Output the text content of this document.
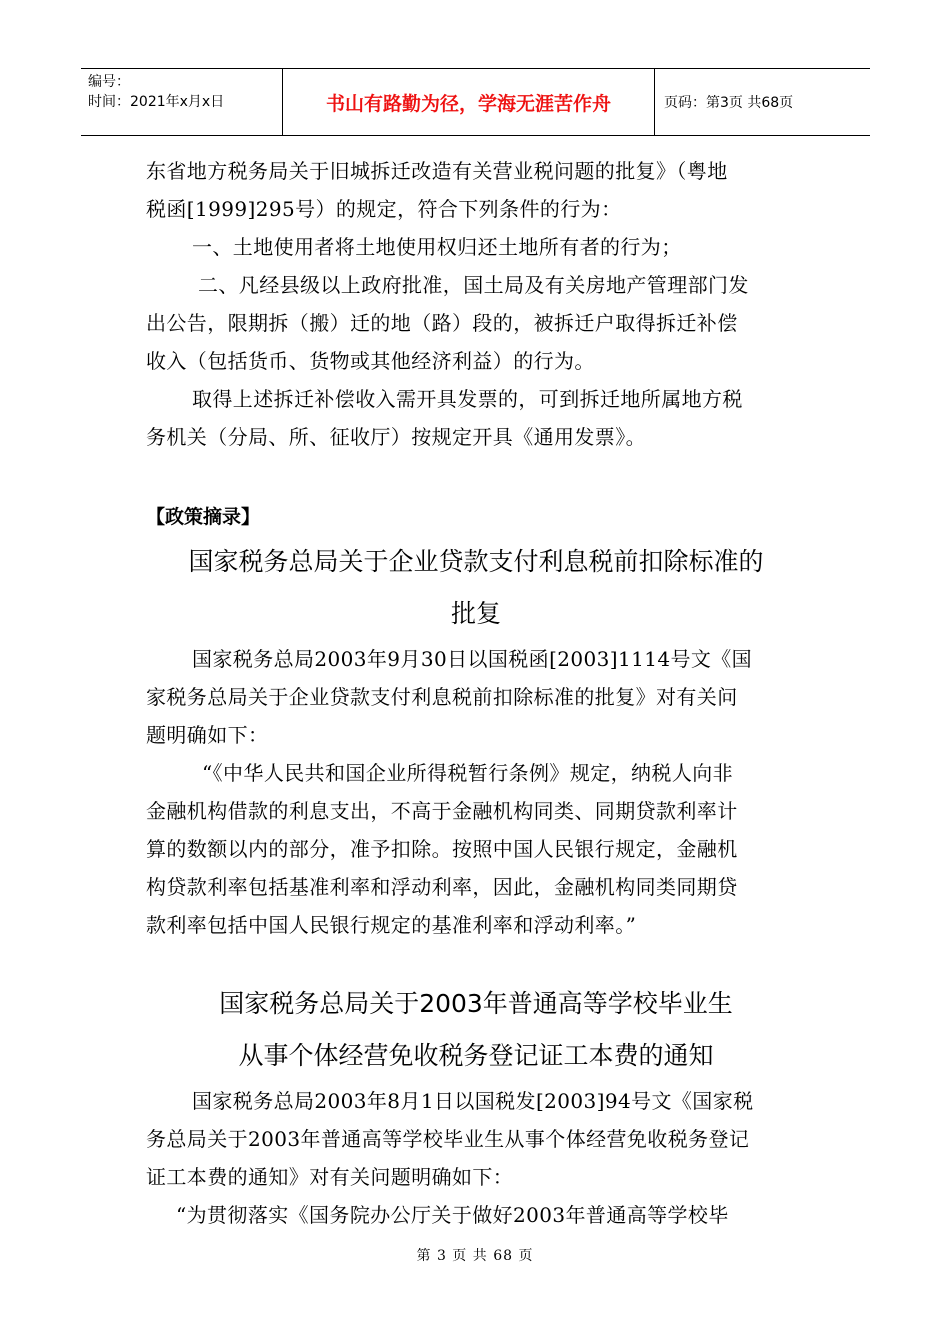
编号：
时间：2021年x月x日	书山有路勤为径，学海无涯苦作舟	页码：第3页 共68页
东省地方税务局关于旧城拆迁改造有关营业税问题的批复》（粤地
税函[1999]295号）的规定，符合下列条件的行为：
一、土地使用者将土地使用权归还土地所有者的行为；
二、凡经县级以上政府批准，国土局及有关房地产管理部门发
出公告，限期拆（搬）迁的地（路）段的，被拆迁户取得拆迁补偿
收入（包括货币、货物或其他经济利益）的行为。
取得上述拆迁补偿收入需开具发票的，可到拆迁地所属地方税
务机关（分局、所、征收厅）按规定开具《通用发票》。
【政策摘录】
国家税务总局关于企业贷款支付利息税前扣除标准的
批复
国家税务总局2003年9月30日以国税函[2003]1114号文《国
家税务总局关于企业贷款支付利息税前扣除标准的批复》对有关问
题明确如下：
“《中华人民共和国企业所得税暂行条例》规定，纳税人向非
金融机构借款的利息支出，不高于金融机构同类、同期贷款利率计
算的数额以内的部分，准予扣除。按照中国人民银行规定，金融机
构贷款利率包括基准利率和浮动利率，因此，金融机构同类同期贷
款利率包括中国人民银行规定的基准利率和浮动利率。”
国家税务总局关于2003年普通高等学校毕业生
从事个体经营免收税务登记证工本费的通知
国家税务总局2003年8月1日以国税发[2003]94号文《国家税
务总局关于2003年普通高等学校毕业生从事个体经营免收税务登记
证工本费的通知》对有关问题明确如下：
“为贯彻落实《国务院办公厅关于做好2003年普通高等学校毕
第 3 页 共 68 页
